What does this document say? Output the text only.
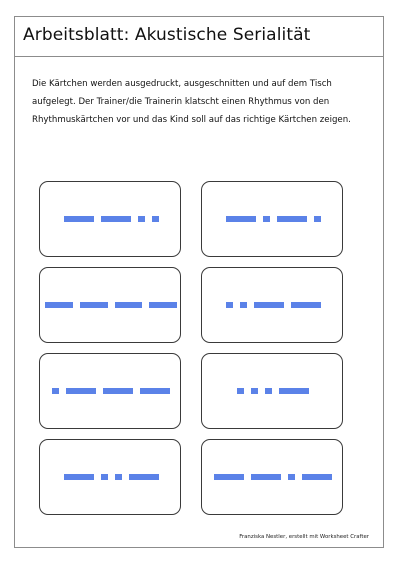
Arbeitsblatt: Akustische Serialität
Die Kärtchen werden ausgedruckt, ausgeschnitten und auf dem Tisch aufgelegt. Der Trainer/die Trainerin klatscht einen Rhythmus von den Rhythmuskärtchen vor und das Kind soll auf das richtige Kärtchen zeigen.
Franziska Nestler, erstellt mit Worksheet Crafter
